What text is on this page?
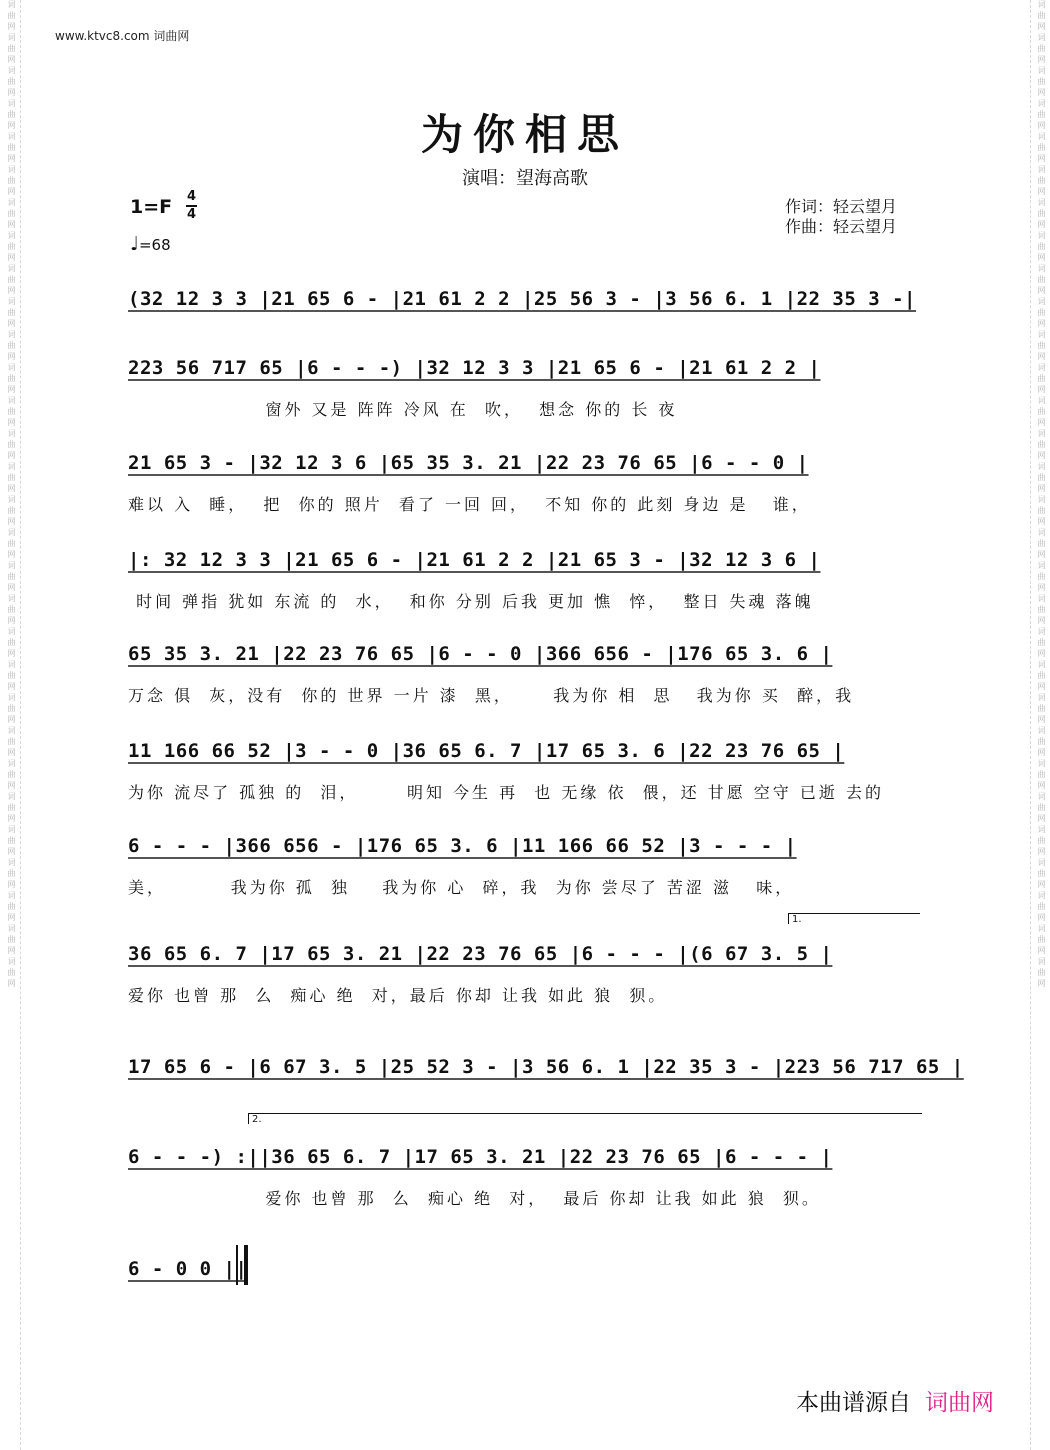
词曲网词曲网词曲网词曲网词曲网词曲网词曲网词曲网词曲网词曲网词曲网词曲网词曲网词曲网词曲网词曲网词曲网词曲网词曲网词曲网词曲网词曲网词曲网词曲网词曲网词曲网词曲网词曲网词曲网词曲网	词曲网词曲网词曲网词曲网词曲网词曲网词曲网词曲网词曲网词曲网词曲网词曲网词曲网词曲网词曲网词曲网词曲网词曲网词曲网词曲网词曲网词曲网词曲网词曲网词曲网词曲网词曲网词曲网词曲网词曲网
www.ktvc8.com 词曲网
为你相思
演唱：望海高歌
1=F 4
4
♩=68
作词：轻云望月
作曲：轻云望月
(32 12 3 3 |21 65 6 - |21 61 2 2 |25 56 3 - |3 56 6. 1 |22 35 3 -|
223 56 717 65 |6 - - -) |32 12 3 3 |21 65 6 - |21 61 2 2 |
窗外 又是 阵阵 冷风 在  吹，  想念 你的 长 夜
21 65 3 - |32 12 3 6 |65 35 3. 21 |22 23 76 65 |6 - - 0 |
难以 入  睡，  把  你的 照片  看了 一回 回，  不知 你的 此刻 身边 是   谁，
|: 32 12 3 3 |21 65 6 - |21 61 2 2 |21 65 3 - |32 12 3 6 |
时间 弹指 犹如 东流 的  水，  和你 分别 后我 更加 憔  悴，  整日 失魂 落魄
65 35 3. 21 |22 23 76 65 |6 - - 0 |366 656 - |176 65 3. 6 |
万念 俱  灰，没有  你的 世界 一片 漆  黑，     我为你 相  思   我为你 买  醉，我
11 166 66 52 |3 - - 0 |36 65 6. 7 |17 65 3. 6 |22 23 76 65 |
为你 流尽了 孤独 的  泪，      明知 今生 再  也 无缘 依  偎，还 甘愿 空守 已逝 去的
6 - - - |366 656 - |176 65 3. 6 |11 166 66 52 |3 - - - |
美，        我为你 孤  独    我为你 心  碎，我  为你 尝尽了 苦涩 滋   味，
36 65 6. 7 |17 65 3. 21 |22 23 76 65 |6 - - - |(6 67 3. 5 |
爱你 也曾 那  么  痴心 绝  对，最后 你却 让我 如此 狼  狈。
17 65 6 - |6 67 3. 5 |25 52 3 - |3 56 6. 1 |22 35 3 - |223 56 717 65 |
6 - - -) :||36 65 6. 7 |17 65 3. 21 |22 23 76 65 |6 - - - |
爱你 也曾 那  么  痴心 绝  对，  最后 你却 让我 如此 狼  狈。
6 - 0 0 ||
1.
2.
本曲谱源自 词曲网
